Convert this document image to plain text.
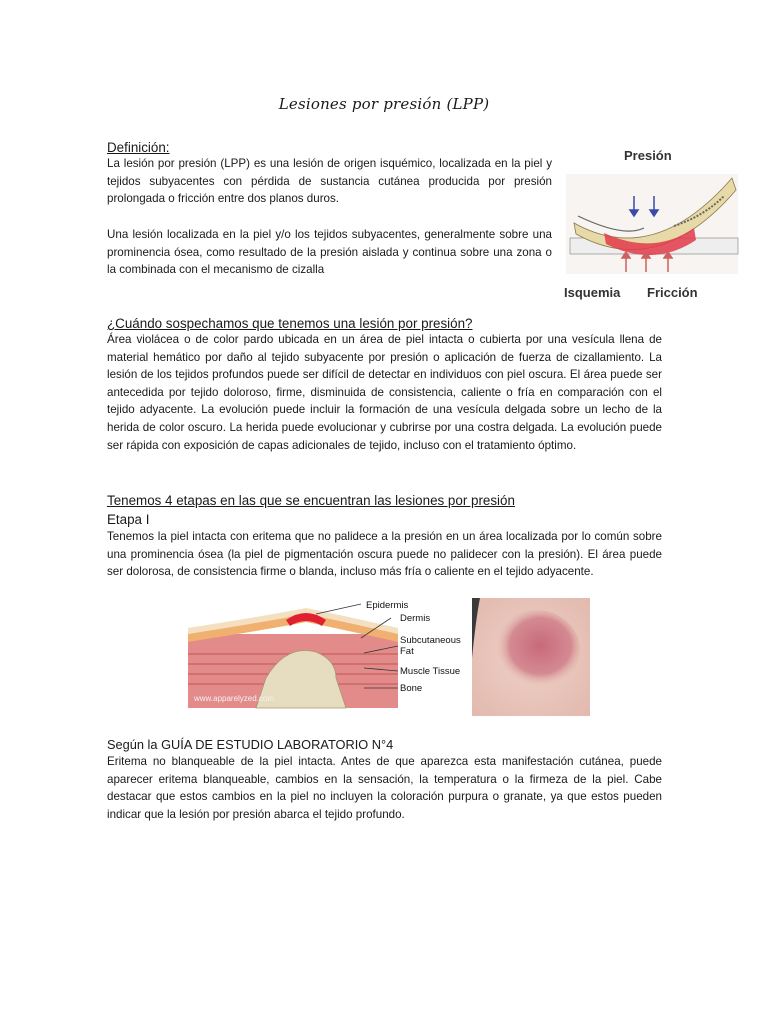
Lesiones por presión (LPP)
Definición:

La lesión por presión (LPP) es una lesión de origen isquémico, localizada en la piel y tejidos subyacentes con pérdida de sustancia cutánea producida por presión prolongada o fricción entre dos planos duros.

Una lesión localizada en la piel y/o los tejidos subyacentes, generalmente sobre una prominencia ósea, como resultado de la presión aislada y continua sobre una zona o la combinada con el mecanismo de cizalla

Presión
Isquemia Fricción
¿Cuándo sospechamos que tenemos una lesión por presión?

Área violácea o de color pardo ubicada en un área de piel intacta o cubierta por una vesícula llena de material hemático por daño al tejido subyacente por presión o aplicación de fuerza de cizallamiento. La lesión de los tejidos profundos puede ser difícil de detectar en individuos con piel oscura. El área puede ser antecedida por tejido doloroso, firme, disminuida de consistencia, caliente o fría en comparación con el tejido adyacente. La evolución puede incluir la formación de una vesícula delgada sobre un lecho de la herida de color oscuro. La herida puede evolucionar y cubrirse por una costra delgada. La evolución puede ser rápida con exposición de capas adicionales de tejido, incluso con el tratamiento óptimo.

Tenemos 4 etapas en las que se encuentran las lesiones por presión
Etapa I

Tenemos la piel intacta con eritema que no palidece a la presión en un área localizada por lo común sobre una prominencia ósea (la piel de pigmentación oscura puede no palidecer con la presión). El área puede ser dolorosa, de consistencia firme o blanda, incluso más fría o caliente en el tejido adyacente.

Epidermis
Dermis
Subcutaneous
Fat
Muscle Tissue
Bone
www.apparelyzed.com
Según la GUÍA DE ESTUDIO LABORATORIO N°4

Eritema no blanqueable de la piel intacta. Antes de que aparezca esta manifestación cutánea, puede aparecer eritema blanqueable, cambios en la sensación, la temperatura o la firmeza de la piel. Cabe destacar que estos cambios en la piel no incluyen la coloración purpura o granate, ya que estos pueden indicar que la lesión por presión abarca el tejido profundo.
